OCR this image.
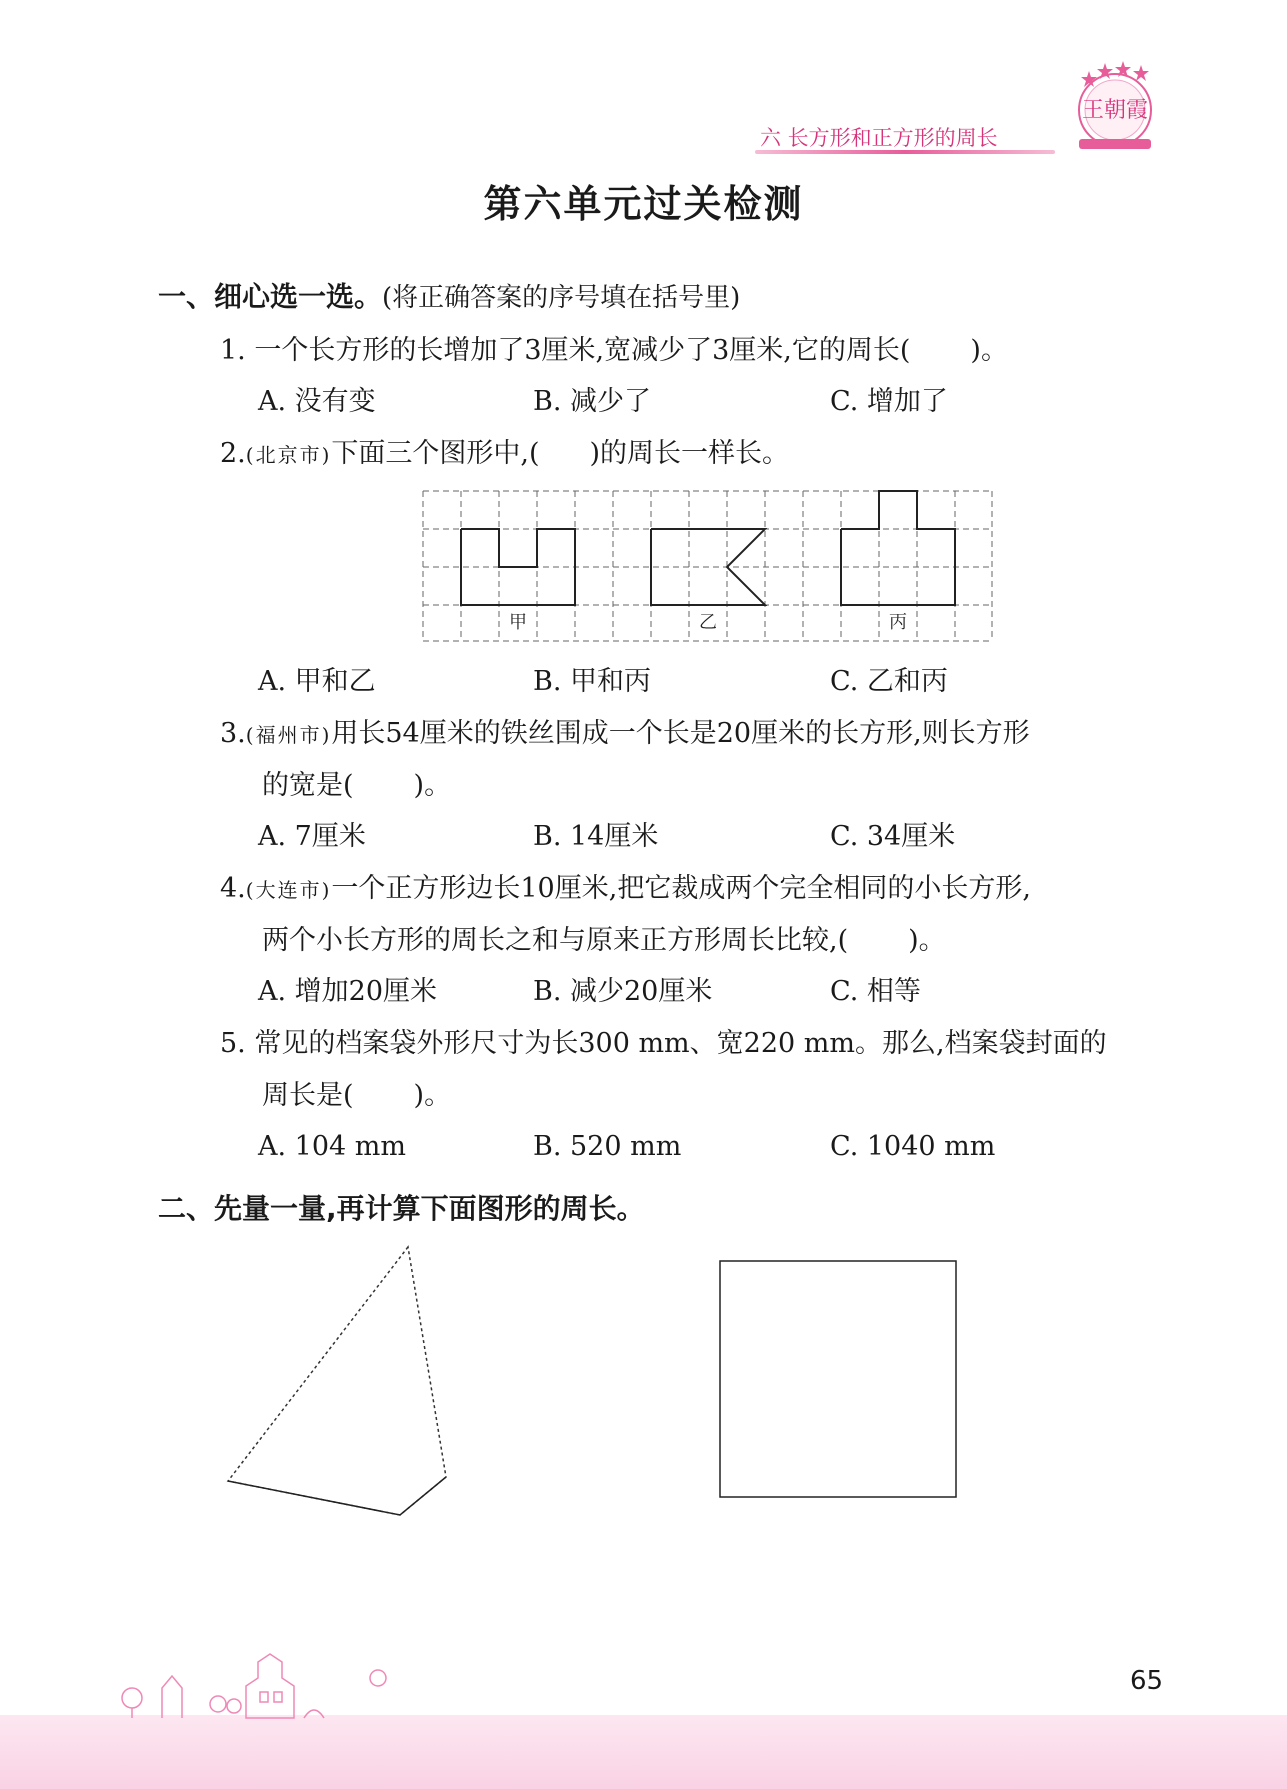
王朝霞
六 长方形和正方形的周长
第六单元过关检测
一、细心选一选。(将正确答案的序号填在括号里)
1. 一个长方形的长增加了3厘米,宽减少了3厘米,它的周长( )。
A. 没有变	B. 减少了	C. 增加了
2.(北京市)下面三个图形中,( )的周长一样长。
甲	乙	丙
A. 甲和乙	B. 甲和丙	C. 乙和丙
3.(福州市)用长54厘米的铁丝围成一个长是20厘米的长方形,则长方形
的宽是( )。
A. 7厘米	B. 14厘米	C. 34厘米
4.(大连市)一个正方形边长10厘米,把它裁成两个完全相同的小长方形,
两个小长方形的周长之和与原来正方形周长比较,( )。
A. 增加20厘米	B. 减少20厘米	C. 相等
5. 常见的档案袋外形尺寸为长300 mm、宽220 mm。那么,档案袋封面的
周长是( )。
A. 104 mm	B. 520 mm	C. 1040 mm
二、先量一量,再计算下面图形的周长。
65
